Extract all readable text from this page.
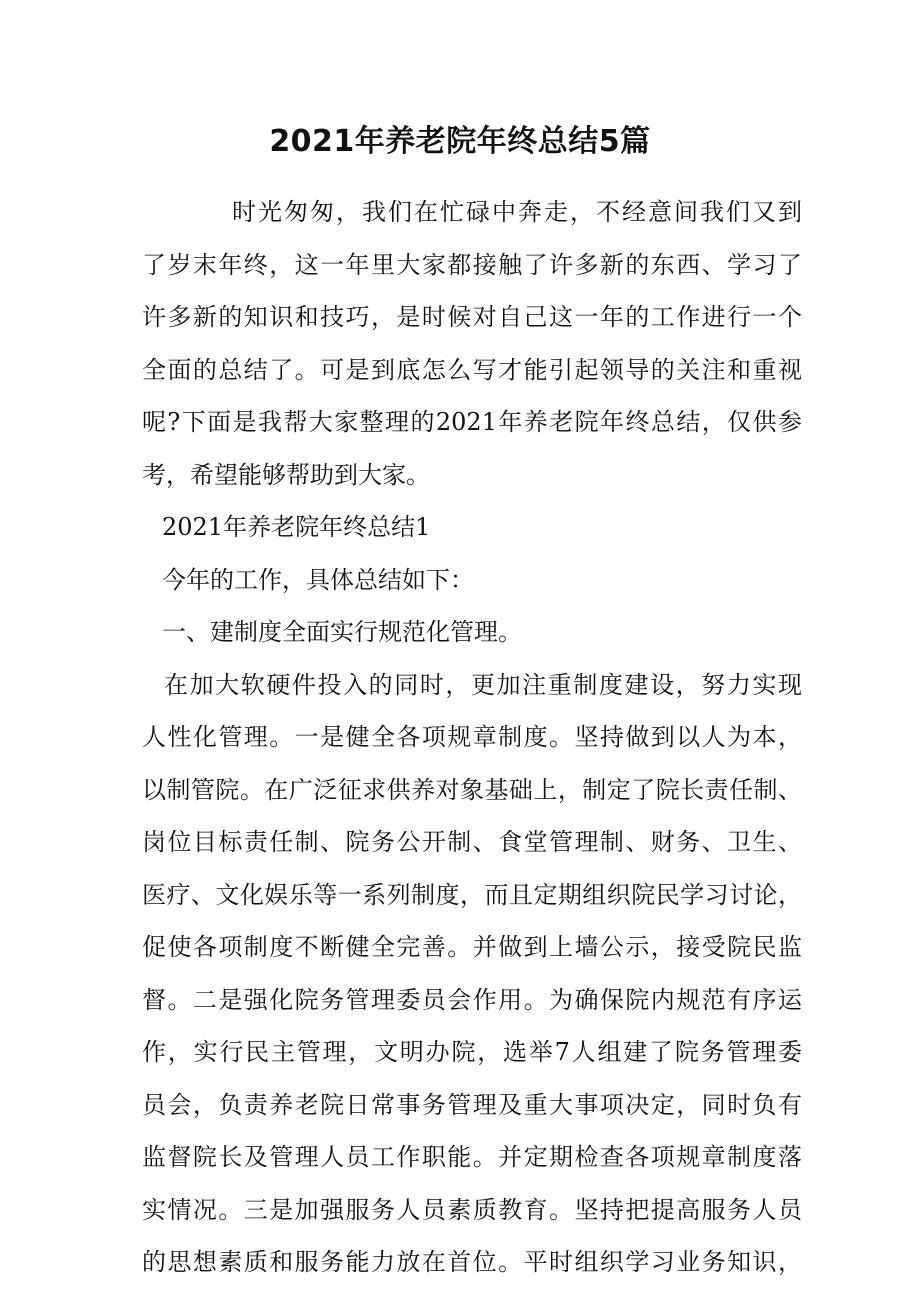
2021年养老院年终总结5篇
时光匆匆，我们在忙碌中奔走，不经意间我们又到
了岁末年终，这一年里大家都接触了许多新的东西、学习了
许多新的知识和技巧，是时候对自己这一年的工作进行一个
全面的总结了。可是到底怎么写才能引起领导的关注和重视
呢?下面是我帮大家整理的2021年养老院年终总结，仅供参
考，希望能够帮助到大家。
2021年养老院年终总结1
今年的工作，具体总结如下：
一、建制度全面实行规范化管理。
在加大软硬件投入的同时，更加注重制度建设，努力实现
人性化管理。一是健全各项规章制度。坚持做到以人为本，
以制管院。在广泛征求供养对象基础上，制定了院长责任制、
岗位目标责任制、院务公开制、食堂管理制、财务、卫生、
医疗、文化娱乐等一系列制度，而且定期组织院民学习讨论，
促使各项制度不断健全完善。并做到上墙公示，接受院民监
督。二是强化院务管理委员会作用。为确保院内规范有序运
作，实行民主管理，文明办院，选举7人组建了院务管理委
员会，负责养老院日常事务管理及重大事项决定，同时负有
监督院长及管理人员工作职能。并定期检查各项规章制度落
实情况。三是加强服务人员素质教育。坚持把提高服务人员
的思想素质和服务能力放在首位。平时组织学习业务知识，
